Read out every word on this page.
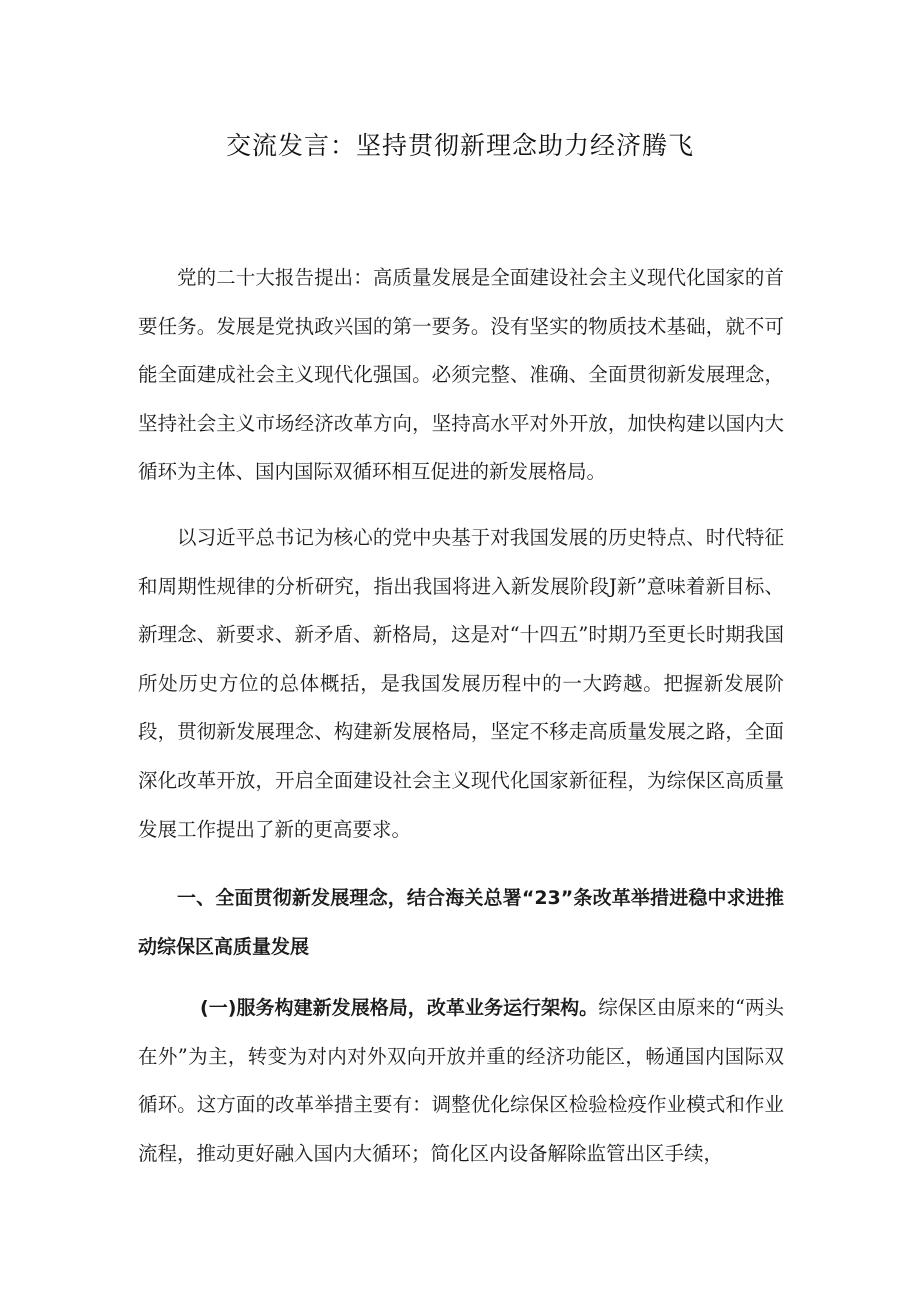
交流发言：坚持贯彻新理念助力经济腾飞
党的二十大报告提出：高质量发展是全面建设社会主义现代化国家的首要任务。发展是党执政兴国的第一要务。没有坚实的物质技术基础，就不可能全面建成社会主义现代化强国。必须完整、准确、全面贯彻新发展理念，坚持社会主义市场经济改革方向，坚持高水平对外开放，加快构建以国内大循环为主体、国内国际双循环相互促进的新发展格局。
以习近平总书记为核心的党中央基于对我国发展的历史特点、时代特征和周期性规律的分析研究，指出我国将进入新发展阶段J新”意味着新目标、新理念、新要求、新矛盾、新格局，这是对“十四五”时期乃至更长时期我国所处历史方位的总体概括，是我国发展历程中的一大跨越。把握新发展阶段，贯彻新发展理念、构建新发展格局，坚定不移走高质量发展之路，全面深化改革开放，开启全面建设社会主义现代化国家新征程，为综保区高质量发展工作提出了新的更高要求。
一、全面贯彻新发展理念，结合海关总署“23”条改革举措进稳中求进推动综保区高质量发展
(一)服务构建新发展格局，改革业务运行架构。综保区由原来的“两头在外”为主，转变为对内对外双向开放并重的经济功能区，畅通国内国际双循环。这方面的改革举措主要有：调整优化综保区检验检疫作业模式和作业流程，推动更好融入国内大循环；简化区内设备解除监管出区手续，
